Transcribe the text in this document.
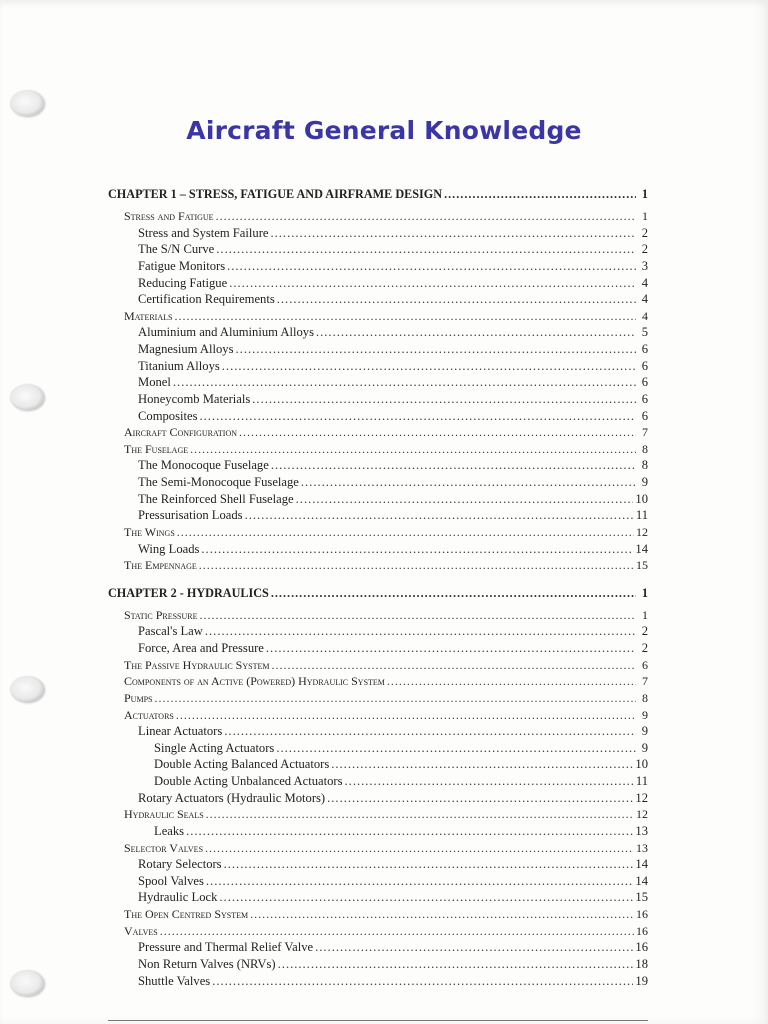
Aircraft General Knowledge
CHAPTER 1 – STRESS, FATIGUE AND AIRFRAME DESIGN .....	1
Stress and Fatigue .....	1
Stress and System Failure .....	2
The S/N Curve .....	2
Fatigue Monitors .....	3
Reducing Fatigue .....	4
Certification Requirements .....	4
Materials .....	4
Aluminium and Aluminium Alloys .....	5
Magnesium Alloys .....	6
Titanium Alloys .....	6
Monel .....	6
Honeycomb Materials .....	6
Composites .....	6
Aircraft Configuration .....	7
The Fuselage .....	8
The Monocoque Fuselage .....	8
The Semi-Monocoque Fuselage .....	9
The Reinforced Shell Fuselage .....	10
Pressurisation Loads .....	11
The Wings .....	12
Wing Loads .....	14
The Empennage .....	15
CHAPTER 2 - HYDRAULICS .....	1
Static Pressure .....	1
Pascal's Law .....	2
Force, Area and Pressure .....	2
The Passive Hydraulic System .....	6
Components of an Active (Powered) Hydraulic System .....	7
Pumps .....	8
Actuators .....	9
Linear Actuators .....	9
Single Acting Actuators .....	9
Double Acting Balanced Actuators .....	10
Double Acting Unbalanced Actuators .....	11
Rotary Actuators (Hydraulic Motors) .....	12
Hydraulic Seals .....	12
Leaks .....	13
Selector Valves .....	13
Rotary Selectors .....	14
Spool Valves .....	14
Hydraulic Lock .....	15
The Open Centred System .....	16
Valves .....	16
Pressure and Thermal Relief Valve .....	16
Non Return Valves (NRVs) .....	18
Shuttle Valves .....	19
